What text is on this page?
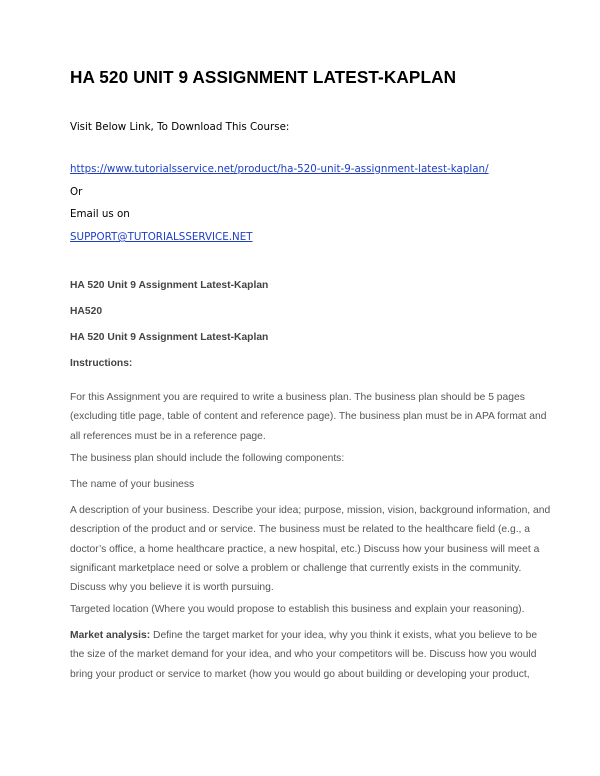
HA 520 UNIT 9 ASSIGNMENT LATEST-KAPLAN
Visit Below Link, To Download This Course:
https://www.tutorialsservice.net/product/ha-520-unit-9-assignment-latest-kaplan/
Or
Email us on
SUPPORT@TUTORIALSSERVICE.NET
HA 520 Unit 9 Assignment Latest-Kaplan
HA520
HA 520 Unit 9 Assignment Latest-Kaplan
Instructions:
For this Assignment you are required to write a business plan. The business plan should be 5 pages
(excluding title page, table of content and reference page). The business plan must be in APA format and
all references must be in a reference page.
The business plan should include the following components:
The name of your business
A description of your business. Describe your idea; purpose, mission, vision, background information, and
description of the product and or service. The business must be related to the healthcare field (e.g., a
doctor’s office, a home healthcare practice, a new hospital, etc.) Discuss how your business will meet a
significant marketplace need or solve a problem or challenge that currently exists in the community.
Discuss why you believe it is worth pursuing.
Targeted location (Where you would propose to establish this business and explain your reasoning).
Market analysis: Define the target market for your idea, why you think it exists, what you believe to be
the size of the market demand for your idea, and who your competitors will be. Discuss how you would
bring your product or service to market (how you would go about building or developing your product,
